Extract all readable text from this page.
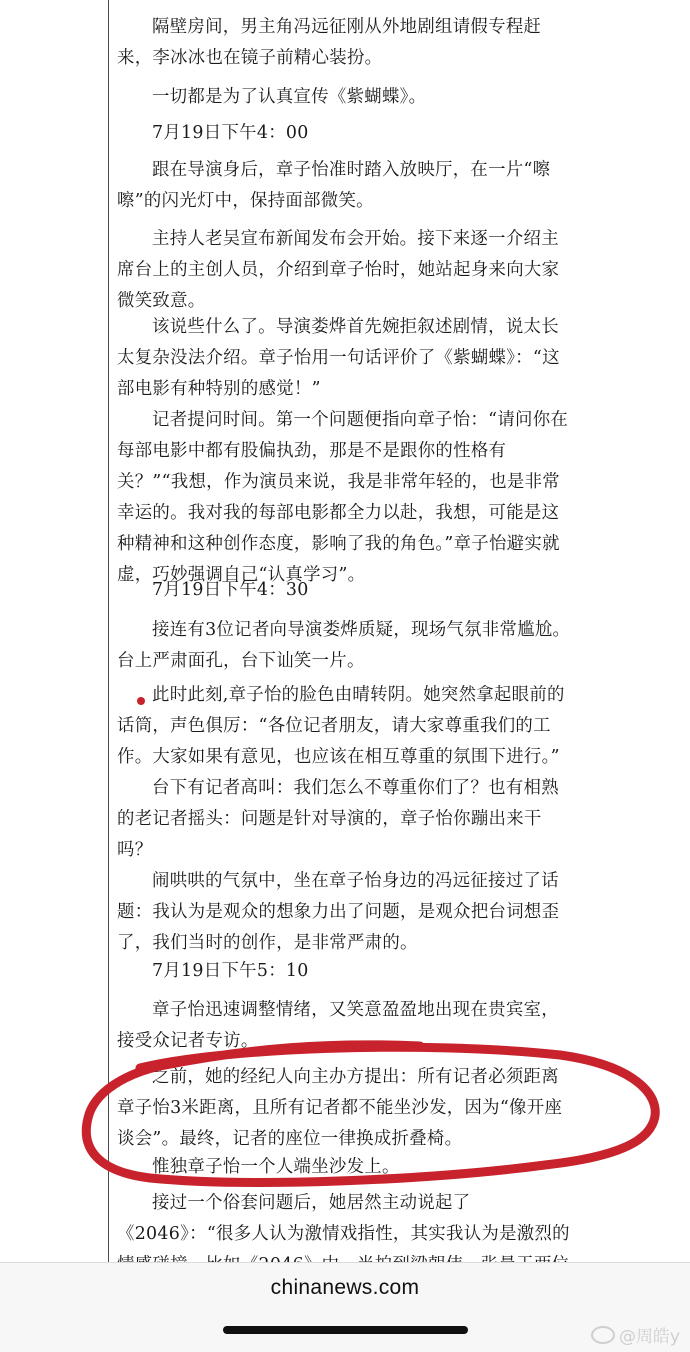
隔壁房间，男主角冯远征刚从外地剧组请假专程赶来，李冰冰也在镜子前精心装扮。

一切都是为了认真宣传《紫蝴蝶》。

7月19日下午4：00

跟在导演身后，章子怡准时踏入放映厅，在一片“嚓嚓”的闪光灯中，保持面部微笑。

主持人老吴宣布新闻发布会开始。接下来逐一介绍主席台上的主创人员，介绍到章子怡时，她站起身来向大家微笑致意。

该说些什么了。导演娄烨首先婉拒叙述剧情，说太长太复杂没法介绍。章子怡用一句话评价了《紫蝴蝶》：“这部电影有种特别的感觉！”

记者提问时间。第一个问题便指向章子怡：“请问你在每部电影中都有股偏执劲，那是不是跟你的性格有关？”“我想，作为演员来说，我是非常年轻的，也是非常幸运的。我对我的每部电影都全力以赴，我想，可能是这种精神和这种创作态度，影响了我的角色。”章子怡避实就虚，巧妙强调自己“认真学习”。

7月19日下午4：30

接连有3位记者向导演娄烨质疑，现场气氛非常尴尬。台上严肃面孔，台下讪笑一片。

此时此刻,章子怡的脸色由晴转阴。她突然拿起眼前的话筒，声色俱厉：“各位记者朋友，请大家尊重我们的工作。大家如果有意见，也应该在相互尊重的氛围下进行。”

台下有记者高叫：我们怎么不尊重你们了？也有相熟的老记者摇头：问题是针对导演的，章子怡你蹦出来干吗？

闹哄哄的气氛中，坐在章子怡身边的冯远征接过了话题：我认为是观众的想象力出了问题，是观众把台词想歪了，我们当时的创作，是非常严肃的。

7月19日下午5：10

章子怡迅速调整情绪，又笑意盈盈地出现在贵宾室，接受众记者专访。

之前，她的经纪人向主办方提出：所有记者必须距离章子怡3米距离，且所有记者都不能坐沙发，因为“像开座谈会”。最终，记者的座位一律换成折叠椅。

惟独章子怡一个人端坐沙发上。

接过一个俗套问题后，她居然主动说起了《2046》：“很多人认为激情戏指性，其实我认为是激烈的

chinanews.com
@周皓y
